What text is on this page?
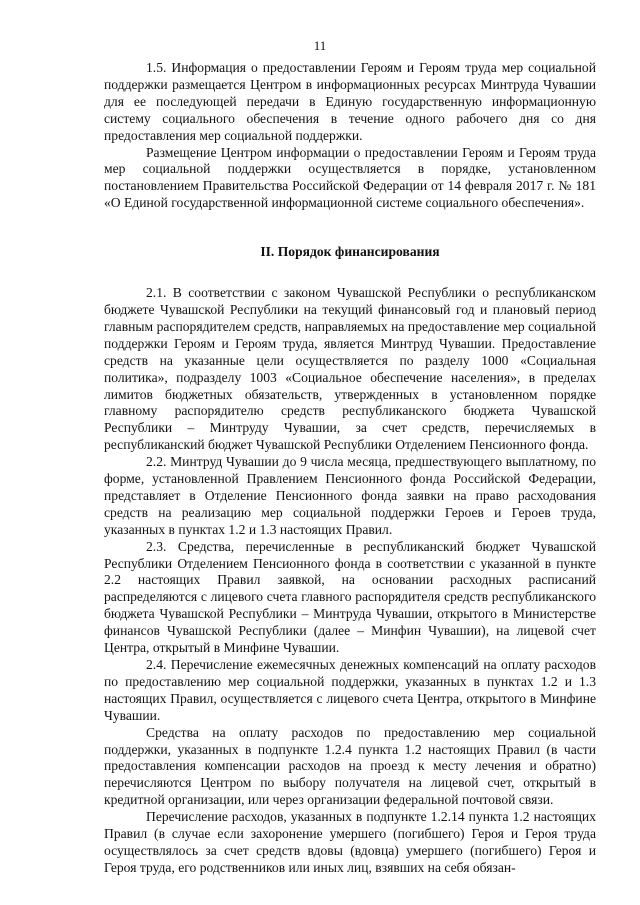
11

1.5. Информация о предоставлении Героям и Героям труда мер социальной поддержки размещается Центром в информационных ресурсах Минтруда Чувашии для ее последующей передачи в Единую государственную информационную систему социального обеспечения в течение одного рабочего дня со дня предоставления мер социальной поддержки.

Размещение Центром информации о предоставлении Героям и Героям труда мер социальной поддержки осуществляется в порядке, установленном постановлением Правительства Российской Федерации от 14 февраля 2017 г. № 181 «О Единой государственной информационной системе социального обеспечения».

II. Порядок финансирования

2.1. В соответствии с законом Чувашской Республики о республиканском бюджете Чувашской Республики на текущий финансовый год и плановый период главным распорядителем средств, направляемых на предоставление мер социальной поддержки Героям и Героям труда, является Минтруд Чувашии. Предоставление средств на указанные цели осуществляется по разделу 1000 «Социальная политика», подразделу 1003 «Социальное обеспечение населения», в пределах лимитов бюджетных обязательств, утвержденных в установленном порядке главному распорядителю средств республиканского бюджета Чувашской Республики – Минтруду Чувашии, за счет средств, перечисляемых в республиканский бюджет Чувашской Республики Отделением Пенсионного фонда.

2.2. Минтруд Чувашии до 9 числа месяца, предшествующего выплатному, по форме, установленной Правлением Пенсионного фонда Российской Федерации, представляет в Отделение Пенсионного фонда заявки на право расходования средств на реализацию мер социальной поддержки Героев и Героев труда, указанных в пунктах 1.2 и 1.3 настоящих Правил.

2.3. Средства, перечисленные в республиканский бюджет Чувашской Республики Отделением Пенсионного фонда в соответствии с указанной в пункте 2.2 настоящих Правил заявкой, на основании расходных расписаний распределяются с лицевого счета главного распорядителя средств республиканского бюджета Чувашской Республики – Минтруда Чувашии, открытого в Министерстве финансов Чувашской Республики (далее – Минфин Чувашии), на лицевой счет Центра, открытый в Минфине Чувашии.

2.4. Перечисление ежемесячных денежных компенсаций на оплату расходов по предоставлению мер социальной поддержки, указанных в пунктах 1.2 и 1.3 настоящих Правил, осуществляется с лицевого счета Центра, открытого в Минфине Чувашии.

Средства на оплату расходов по предоставлению мер социальной поддержки, указанных в подпункте 1.2.4 пункта 1.2 настоящих Правил (в части предоставления компенсации расходов на проезд к месту лечения и обратно) перечисляются Центром по выбору получателя на лицевой счет, открытый в кредитной организации, или через организации федеральной почтовой связи.

Перечисление расходов, указанных в подпункте 1.2.14 пункта 1.2 настоящих Правил (в случае если захоронение умершего (погибшего) Героя и Героя труда осуществлялось за счет средств вдовы (вдовца) умершего (погибшего) Героя и Героя труда, его родственников или иных лиц, взявших на себя обязан-
